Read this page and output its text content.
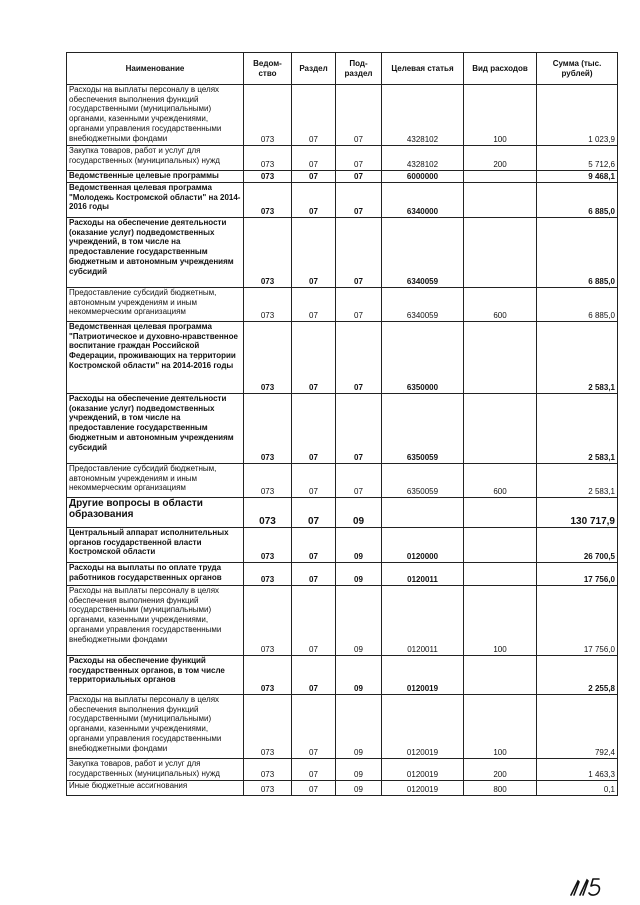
Наименование	Ведом-ство	Раздел	Под-раздел	Целевая статья	Вид расходов	Сумма (тыс. рублей)
Расходы на выплаты персоналу в целях обеспечения выполнения функций государственными (муниципальными) органами, казенными учреждениями, органами управления государственными внебюджетными фондами	073	07	07	4328102	100	1 023,9
Закупка товаров, работ и услуг для государственных (муниципальных) нужд	073	07	07	4328102	200	5 712,6
Ведомственные целевые программы	073	07	07	6000000		9 468,1
Ведомственная целевая программа "Молодежь Костромской области" на 2014-2016 годы	073	07	07	6340000		6 885,0
Расходы на обеспечение деятельности (оказание услуг) подведомственных учреждений, в том числе на предоставление государственным бюджетным и автономным учреждениям субсидий	073	07	07	6340059		6 885,0
Предоставление субсидий бюджетным, автономным учреждениям и иным некоммерческим организациям	073	07	07	6340059	600	6 885,0
Ведомственная целевая программа "Патриотическое и духовно-нравственное воспитание граждан Российской Федерации, проживающих на территории Костромской области" на 2014-2016 годы	073	07	07	6350000		2 583,1
Расходы на обеспечение деятельности (оказание услуг) подведомственных учреждений, в том числе на предоставление государственным бюджетным и автономным учреждениям субсидий	073	07	07	6350059		2 583,1
Предоставление субсидий бюджетным, автономным учреждениям и иным некоммерческим организациям	073	07	07	6350059	600	2 583,1
Другие вопросы в области образования	073	07	09			130 717,9
Центральный аппарат исполнительных органов государственной власти Костромской области	073	07	09	0120000		26 700,5
Расходы на выплаты по оплате труда работников государственных органов	073	07	09	0120011		17 756,0
Расходы на выплаты персоналу в целях обеспечения выполнения функций государственными (муниципальными) органами, казенными учреждениями, органами управления государственными внебюджетными фондами	073	07	09	0120011	100	17 756,0
Расходы на обеспечение функций государственных органов, в том числе территориальных органов	073	07	09	0120019		2 255,8
Расходы на выплаты персоналу в целях обеспечения выполнения функций государственными (муниципальными) органами, казенными учреждениями, органами управления государственными внебюджетными фондами	073	07	09	0120019	100	792,4
Закупка товаров, работ и услуг для государственных (муниципальных) нужд	073	07	09	0120019	200	1 463,3
Иные бюджетные ассигнования	073	07	09	0120019	800	0,1
